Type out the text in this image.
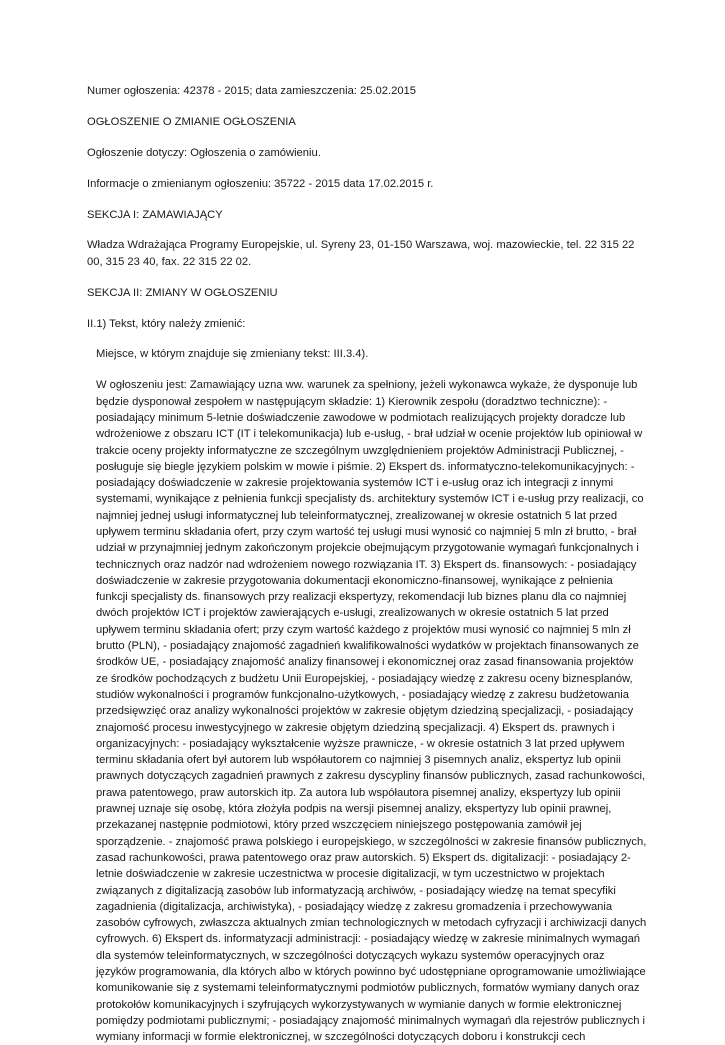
Numer ogłoszenia: 42378 - 2015; data zamieszczenia: 25.02.2015

OGŁOSZENIE O ZMIANIE OGŁOSZENIA

Ogłoszenie dotyczy: Ogłoszenia o zamówieniu.

Informacje o zmienianym ogłoszeniu: 35722 - 2015 data 17.02.2015 r.

SEKCJA I: ZAMAWIAJĄCY

Władza Wdrażająca Programy Europejskie, ul. Syreny 23, 01-150 Warszawa, woj. mazowieckie, tel. 22 315 22 00, 315 23 40, fax. 22 315 22 02.

SEKCJA II: ZMIANY W OGŁOSZENIU

II.1) Tekst, który należy zmienić:

Miejsce, w którym znajduje się zmieniany tekst: III.3.4).

W ogłoszeniu jest: Zamawiający uzna ww. warunek za spełniony, jeżeli wykonawca wykaże, że dysponuje lub będzie dysponował zespołem w następującym składzie: 1) Kierownik zespołu (doradztwo techniczne): - posiadający minimum 5-letnie doświadczenie zawodowe w podmiotach realizujących projekty doradcze lub wdrożeniowe z obszaru ICT (IT i telekomunikacja) lub e-usług, - brał udział w ocenie projektów lub opiniował w trakcie oceny projekty informatyczne ze szczególnym uwzględnieniem projektów Administracji Publicznej, - posługuje się biegle językiem polskim w mowie i piśmie. 2) Ekspert ds. informatyczno-telekomunikacyjnych: - posiadający doświadczenie w zakresie projektowania systemów ICT i e-usług oraz ich integracji z innymi systemami, wynikające z pełnienia funkcji specjalisty ds. architektury systemów ICT i e-usług przy realizacji, co najmniej jednej usługi informatycznej lub teleinformatycznej, zrealizowanej w okresie ostatnich 5 lat przed upływem terminu składania ofert, przy czym wartość tej usługi musi wynosić co najmniej 5 mln zł brutto, - brał udział w przynajmniej jednym zakończonym projekcie obejmującym przygotowanie wymagań funkcjonalnych i technicznych oraz nadzór nad wdrożeniem nowego rozwiązania IT. 3) Ekspert ds. finansowych: - posiadający doświadczenie w zakresie przygotowania dokumentacji ekonomiczno-finansowej, wynikające z pełnienia funkcji specjalisty ds. finansowych przy realizacji ekspertyzy, rekomendacji lub biznes planu dla co najmniej dwóch projektów ICT i projektów zawierających e-usługi, zrealizowanych w okresie ostatnich 5 lat przed upływem terminu składania ofert; przy czym wartość każdego z projektów musi wynosić co najmniej 5 mln zł brutto (PLN), - posiadający znajomość zagadnień kwalifikowalności wydatków w projektach finansowanych ze środków UE, - posiadający znajomość analizy finansowej i ekonomicznej oraz zasad finansowania projektów ze środków pochodzących z budżetu Unii Europejskiej, - posiadający wiedzę z zakresu oceny biznesplanów, studiów wykonalności i programów funkcjonalno-użytkowych, - posiadający wiedzę z zakresu budżetowania przedsięwzięć oraz analizy wykonalności projektów w zakresie objętym dziedziną specjalizacji, - posiadający znajomość procesu inwestycyjnego w zakresie objętym dziedziną specjalizacji. 4) Ekspert ds. prawnych i organizacyjnych: - posiadający wykształcenie wyższe prawnicze, - w okresie ostatnich 3 lat przed upływem terminu składania ofert był autorem lub współautorem co najmniej 3 pisemnych analiz, ekspertyz lub opinii prawnych dotyczących zagadnień prawnych z zakresu dyscypliny finansów publicznych, zasad rachunkowości, prawa patentowego, praw autorskich itp. Za autora lub współautora pisemnej analizy, ekspertyzy lub opinii prawnej uznaje się osobę, która złożyła podpis na wersji pisemnej analizy, ekspertyzy lub opinii prawnej, przekazanej następnie podmiotowi, który przed wszczęciem niniejszego postępowania zamówił jej sporządzenie. - znajomość prawa polskiego i europejskiego, w szczególności w zakresie finansów publicznych, zasad rachunkowości, prawa patentowego oraz praw autorskich. 5) Ekspert ds. digitalizacji: - posiadający 2-letnie doświadczenie w zakresie uczestnictwa w procesie digitalizacji, w tym uczestnictwo w projektach związanych z digitalizacją zasobów lub informatyzacją archiwów, - posiadający wiedzę na temat specyfiki zagadnienia (digitalizacja, archiwistyka), - posiadający wiedzę z zakresu gromadzenia i przechowywania zasobów cyfrowych, zwłaszcza aktualnych zmian technologicznych w metodach cyfryzacji i archiwizacji danych cyfrowych. 6) Ekspert ds. informatyzacji administracji: - posiadający wiedzę w zakresie minimalnych wymagań dla systemów teleinformatycznych, w szczególności dotyczących wykazu systemów operacyjnych oraz języków programowania, dla których albo w których powinno być udostępniane oprogramowanie umożliwiające komunikowanie się z systemami teleinformatycznymi podmiotów publicznych, formatów wymiany danych oraz protokołów komunikacyjnych i szyfrujących wykorzystywanych w wymianie danych w formie elektronicznej pomiędzy podmiotami publicznymi; - posiadający znajomość minimalnych wymagań dla rejestrów publicznych i wymiany informacji w formie elektronicznej, w szczególności dotyczących doboru i konstrukcji cech
